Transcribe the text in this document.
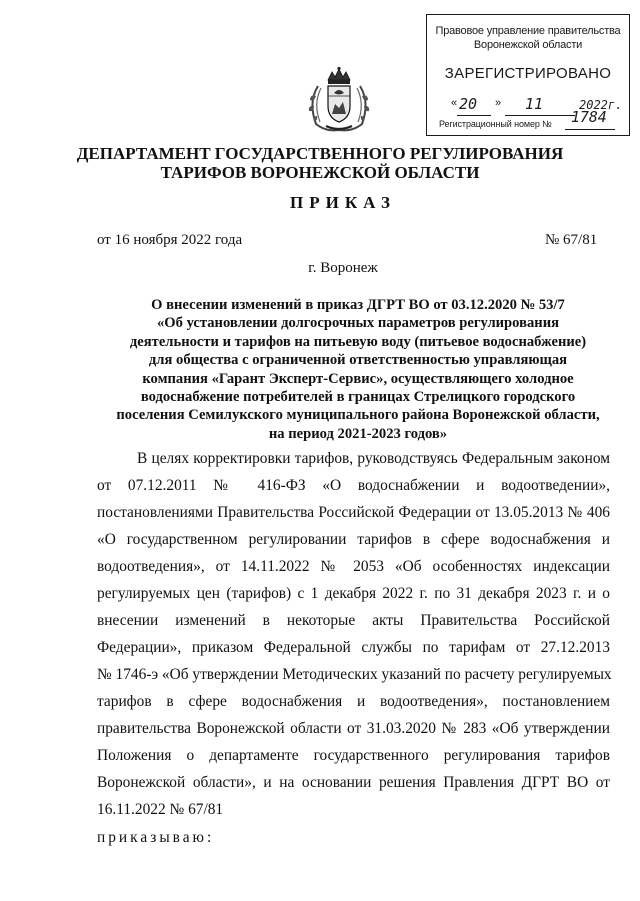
Правовое управление правительства
Воронежской области
ЗАРЕГИСТРИРОВАНО
« 20 » 11	2022г.
Регистрационный номер № 1784
ДЕПАРТАМЕНТ ГОСУДАРСТВЕННОГО РЕГУЛИРОВАНИЯ
ТАРИФОВ ВОРОНЕЖСКОЙ ОБЛАСТИ
ПРИКАЗ
от 16 ноября 2022 года	№ 67/81
г. Воронеж
О внесении изменений в приказ ДГРТ ВО от 03.12.2020 № 53/7
«Об установлении долгосрочных параметров регулирования
деятельности и тарифов на питьевую воду (питьевое водоснабжение)
для общества с ограниченной ответственностью управляющая
компания «Гарант Эксперт-Сервис», осуществляющего холодное
водоснабжение потребителей в границах Стрелицкого городского
поселения Семилукского муниципального района Воронежской области,
на период 2021-2023 годов»
В целях корректировки тарифов, руководствуясь Федеральным законом
от 07.12.2011 № 416-ФЗ «О водоснабжении и водоотведении»,
постановлениями Правительства Российской Федерации от 13.05.2013 № 406
«О государственном регулировании тарифов в сфере водоснабжения и
водоотведения», от 14.11.2022 № 2053 «Об особенностях индексации
регулируемых цен (тарифов) с 1 декабря 2022 г. по 31 декабря 2023 г. и о
внесении изменений в некоторые акты Правительства Российской
Федерации», приказом Федеральной службы по тарифам от 27.12.2013
№ 1746-э «Об утверждении Методических указаний по расчету регулируемых
тарифов в сфере водоснабжения и водоотведения», постановлением
правительства Воронежской области от 31.03.2020 № 283 «Об утверждении
Положения о департаменте государственного регулирования тарифов
Воронежской области», и на основании решения Правления ДГРТ ВО от
16.11.2022 № 67/81
приказываю:
